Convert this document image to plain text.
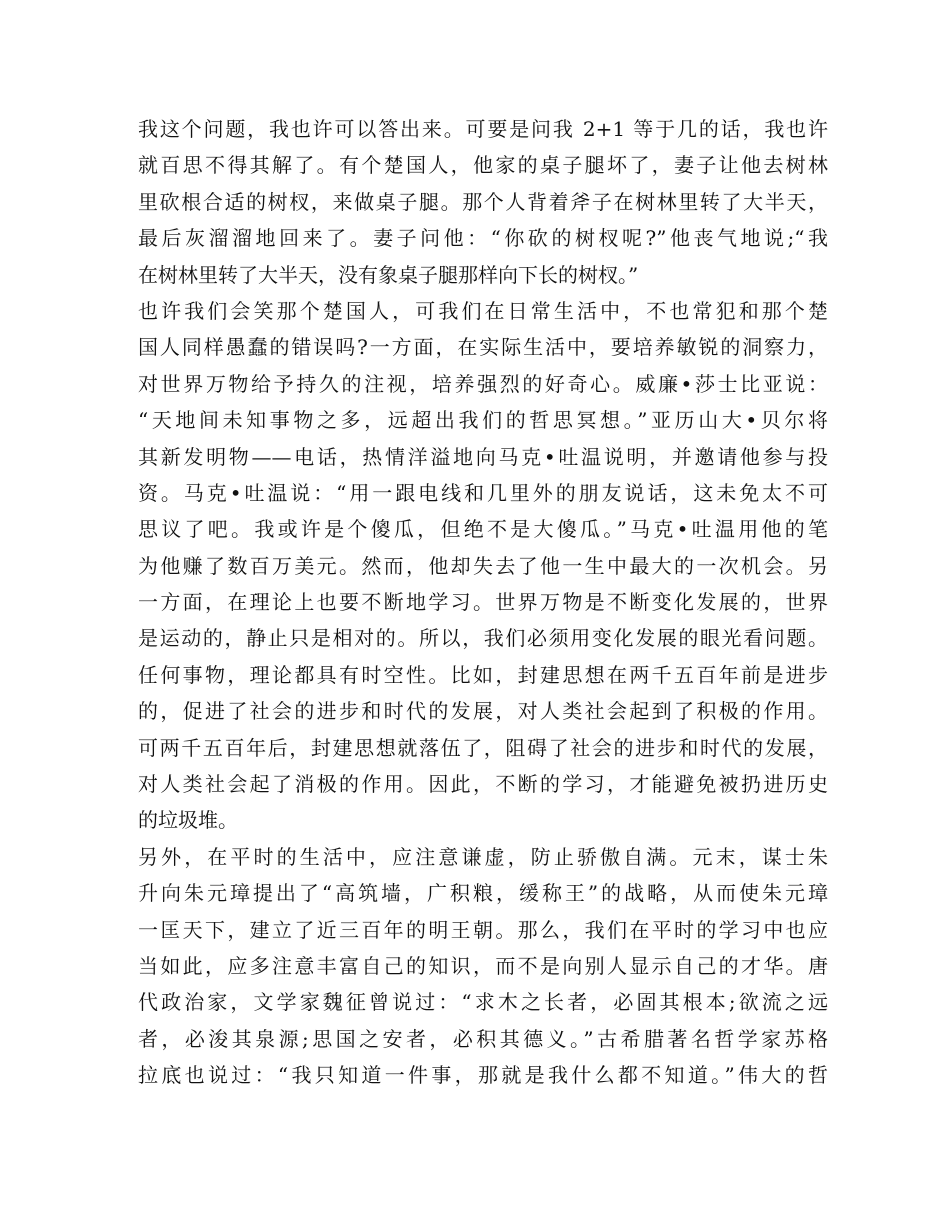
我这个问题，我也许可以答出来。可要是问我 2+1 等于几的话，我也许
就百思不得其解了。有个楚国人，他家的桌子腿坏了，妻子让他去树林
里砍根合适的树杈，来做桌子腿。那个人背着斧子在树林里转了大半天，
最后灰溜溜地回来了。妻子问他：“你砍的树杈呢?”他丧气地说;“我
在树林里转了大半天，没有象桌子腿那样向下长的树杈。”
也许我们会笑那个楚国人，可我们在日常生活中，不也常犯和那个楚
国人同样愚蠢的错误吗?一方面，在实际生活中，要培养敏锐的洞察力，
对世界万物给予持久的注视，培养强烈的好奇心。威廉•莎士比亚说：
“天地间未知事物之多，远超出我们的哲思冥想。”亚历山大•贝尔将
其新发明物——电话，热情洋溢地向马克•吐温说明，并邀请他参与投
资。马克•吐温说：“用一跟电线和几里外的朋友说话，这未免太不可
思议了吧。我或许是个傻瓜，但绝不是大傻瓜。”马克•吐温用他的笔
为他赚了数百万美元。然而，他却失去了他一生中最大的一次机会。另
一方面，在理论上也要不断地学习。世界万物是不断变化发展的，世界
是运动的，静止只是相对的。所以，我们必须用变化发展的眼光看问题。
任何事物，理论都具有时空性。比如，封建思想在两千五百年前是进步
的，促进了社会的进步和时代的发展，对人类社会起到了积极的作用。
可两千五百年后，封建思想就落伍了，阻碍了社会的进步和时代的发展，
对人类社会起了消极的作用。因此，不断的学习，才能避免被扔进历史
的垃圾堆。
另外，在平时的生活中，应注意谦虚，防止骄傲自满。元末，谋士朱
升向朱元璋提出了“高筑墙，广积粮，缓称王”的战略，从而使朱元璋
一匡天下，建立了近三百年的明王朝。那么，我们在平时的学习中也应
当如此，应多注意丰富自己的知识，而不是向别人显示自己的才华。唐
代政治家，文学家魏征曾说过：“求木之长者，必固其根本;欲流之远
者，必浚其泉源;思国之安者，必积其德义。”古希腊著名哲学家苏格
拉底也说过：“我只知道一件事，那就是我什么都不知道。”伟大的哲
